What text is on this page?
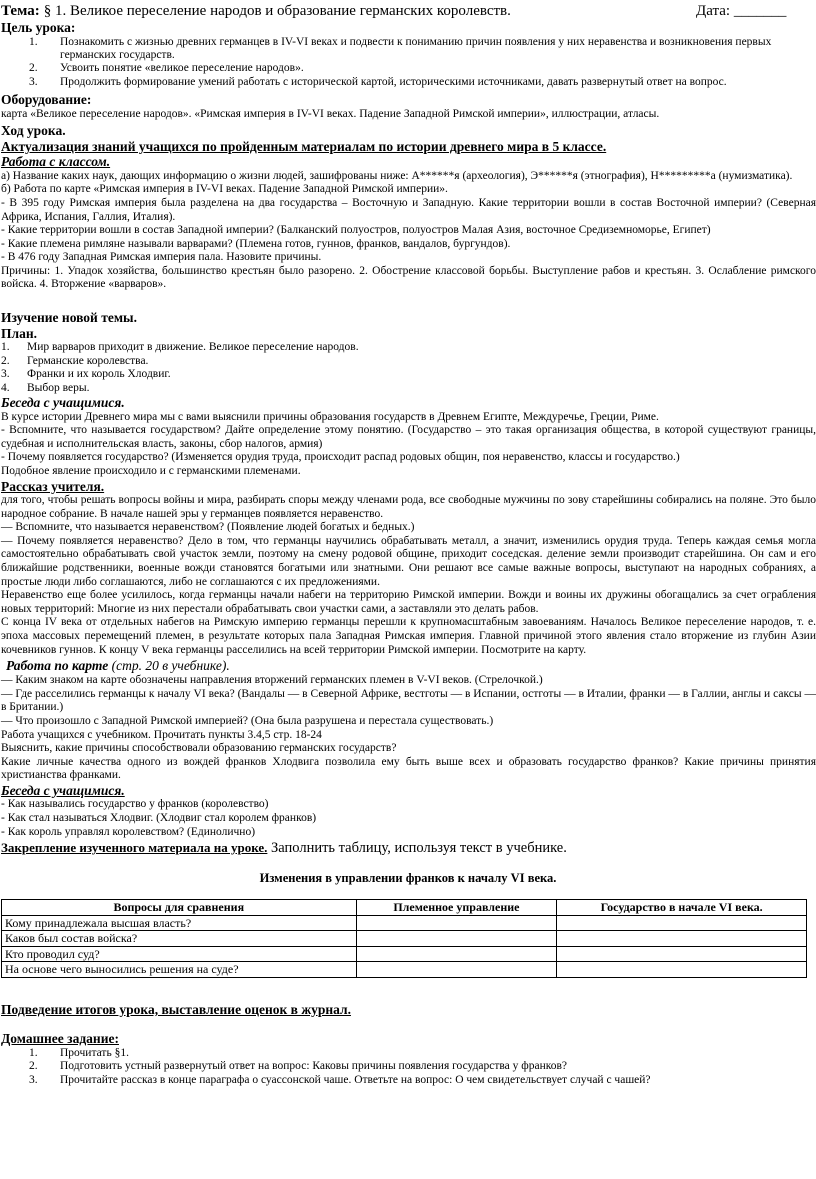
Тема: § 1. Великое переселение народов и образование германских королевств.	Дата: _______
Цель урока:
1. Познакомить с жизнью древних германцев в IV-VI веках и подвести к пониманию причин появления у них неравенства и возникновения первых германских государств.
2. Усвоить понятие «великое переселение народов».
3. Продолжить формирование умений работать с исторической картой, историческими источниками, давать развернутый ответ на вопрос.
Оборудование:
карта «Великое переселение народов». «Римская империя в IV-VI веках. Падение Западной Римской империи», иллюстрации, атласы.
Ход урока.
Актуализация знаний учащихся по пройденным материалам по истории древнего мира в 5 классе.
Работа с классом.
а) Название каких наук, дающих информацию о жизни людей, зашифрованы ниже: А******я (археология), Э******я (этнография), Н*********а (нумизматика).
б) Работа по карте «Римская империя в IV-VI веках. Падение Западной Римской империи».
- В 395 году Римская империя была разделена на два государства – Восточную и Западную. Какие территории вошли в состав Восточной империи? (Северная Африка, Испания, Галлия, Италия).
- Какие территории вошли в состав Западной империи? (Балканский полуостров, полуостров Малая Азия, восточное Средиземноморье, Египет)
- Какие племена римляне называли варварами? (Племена готов, гуннов, франков, вандалов, бургундов).
- В 476 году Западная Римская империя пала. Назовите причины.
Причины: 1. Упадок хозяйства, большинство крестьян было разорено. 2. Обострение классовой борьбы. Выступление рабов и крестьян. 3. Ослабление римского войска. 4. Вторжение «варваров».
Изучение новой темы.
План.
1. Мир варваров приходит в движение. Великое переселение народов.
2. Германские королевства.
3. Франки и их король Хлодвиг.
4. Выбор веры.
Беседа с учащимися.
В курсе истории Древнего мира мы с вами выяснили причины образования государств в Древнем Египте, Междуречье, Греции, Риме.
- Вспомните, что называется государством? Дайте определение этому понятию. (Государство – это такая организация общества, в которой существуют границы, судебная и исполнительская власть, законы, сбор налогов, армия)
- Почему появляется государство? (Изменяется орудия труда, происходит распад родовых общин, поя неравенство, классы и государство.)
Подобное явление происходило и с германскими племенами.
Рассказ учителя.
для того, чтобы решать вопросы войны и мира, разбирать споры между членами рода, все свободные мужчины по зову старейшины собирались на поляне. Это было народное собрание. В начале нашей эры у германцев появляется неравенство.
— Вспомните, что называется неравенством? (Появление людей богатых и бедных.)
— Почему появляется неравенство? Дело в том, что германцы научились обрабатывать металл, а значит, изменились орудия труда. Теперь каждая семья могла самостоятельно обрабатывать свой участок земли, поэтому на смену родовой общине, приходит соседская. деление земли производит старейшина. Он сам и его ближайшие родственники, военные вожди становятся богатыми или знатными. Они решают все самые важные вопросы, выступают на народных собраниях, а простые люди либо соглашаются, либо не соглашаются с их предложениями.
Неравенство еще более усилилось, когда германцы начали набеги на территорию Римской империи. Вожди и воины их дружины обогащались за счет ограбления новых территорий: Многие из них перестали обрабатывать свои участки сами, а заставляли это делать рабов.
С конца IV века от отдельных набегов на Римскую империю германцы перешли к крупномасштабным завоеваниям. Началось Великое переселение народов, т. е. эпоха массовых перемещений племен, в результате которых пала Западная Римская империя. Главной причиной этого явления стало вторжение из глубин Азии кочевников гуннов. К концу V века германцы расселились на всей территории Римской империи. Посмотрите на карту.
Работа по карте (стр. 20 в учебнике).
— Каким знаком на карте обозначены направления вторжений германских племен в V-VI веков. (Стрелочкой.)
— Где расселились германцы к началу VI века? (Вандалы — в Северной Африке, вестготы — в Испании, остготы — в Италии, франки — в Галлии, англы и саксы — в Британии.)
— Что произошло с Западной Римской империей? (Она была разрушена и перестала существовать.)
Работа учащихся с учебником. Прочитать пункты 3.4,5 стр. 18-24
Выяснить, какие причины способствовали образованию германских государств?
Какие личные качества одного из вождей франков Хлодвига позволила ему быть выше всех и образовать государство франков? Какие причины принятия христианства франками.
Беседа с учащимися.
- Как назывались государство у франков (королевство)
- Как стал называться Хлодвиг. (Хлодвиг стал королем франков)
- Как король управлял королевством? (Единолично)
Закрепление изученного материала на уроке. Заполнить таблицу, используя текст в учебнике.
Изменения в управлении франков к началу VI века.
Вопросы для сравнения	Племенное управление	Государство в начале VI века.
Кому принадлежала высшая власть?		
Каков был состав войска?		
Кто проводил суд?		
На основе чего выносились решения на суде?		
Подведение итогов урока, выставление оценок в журнал.
Домашнее задание:
1. Прочитать §1.
2. Подготовить устный развернутый ответ на вопрос: Каковы причины появления государства у франков?
3. Прочитайте рассказ в конце параграфа о суассонской чаше. Ответьте на вопрос: О чем свидетельствует случай с чашей?
